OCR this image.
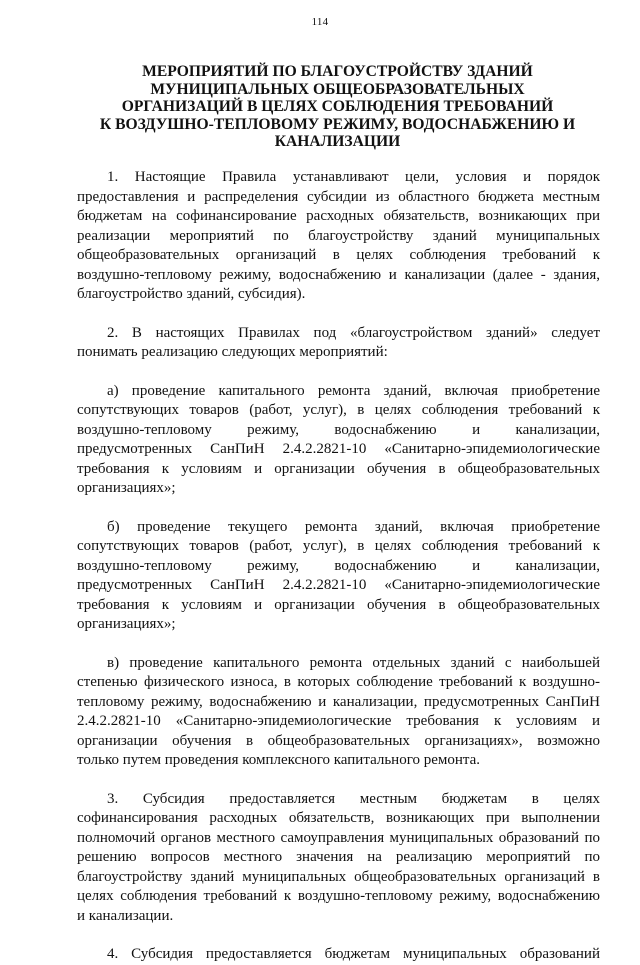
114
МЕРОПРИЯТИЙ ПО БЛАГОУСТРОЙСТВУ ЗДАНИЙ
МУНИЦИПАЛЬНЫХ ОБЩЕОБРАЗОВАТЕЛЬНЫХ
ОРГАНИЗАЦИЙ В ЦЕЛЯХ СОБЛЮДЕНИЯ ТРЕБОВАНИЙ
К ВОЗДУШНО-ТЕПЛОВОМУ РЕЖИМУ, ВОДОСНАБЖЕНИЮ И
КАНАЛИЗАЦИИ
1. Настоящие Правила устанавливают цели, условия и порядок
предоставления и распределения субсидии из областного бюджета местным
бюджетам на софинансирование расходных обязательств, возникающих при
реализации мероприятий по благоустройству зданий муниципальных
общеобразовательных организаций в целях соблюдения требований к
воздушно-тепловому режиму, водоснабжению и канализации (далее - здания,
благоустройство зданий, субсидия).
2. В настоящих Правилах под «благоустройством зданий» следует
понимать реализацию следующих мероприятий:
а) проведение капитального ремонта зданий, включая приобретение
сопутствующих товаров (работ, услуг), в целях соблюдения требований к
воздушно-тепловому режиму, водоснабжению и канализации,
предусмотренных СанПиН 2.4.2.2821-10 «Санитарно-эпидемиологические
требования к условиям и организации обучения в общеобразовательных
организациях»;
б) проведение текущего ремонта зданий, включая приобретение
сопутствующих товаров (работ, услуг), в целях соблюдения требований к
воздушно-тепловому режиму, водоснабжению и канализации,
предусмотренных СанПиН 2.4.2.2821-10 «Санитарно-эпидемиологические
требования к условиям и организации обучения в общеобразовательных
организациях»;
в) проведение капитального ремонта отдельных зданий с наибольшей
степенью физического износа, в которых соблюдение требований к воздушно-
тепловому режиму, водоснабжению и канализации, предусмотренных СанПиН
2.4.2.2821-10 «Санитарно-эпидемиологические требования к условиям и
организации обучения в общеобразовательных организациях», возможно
только путем проведения комплексного капитального ремонта.
3. Субсидия предоставляется местным бюджетам в целях
софинансирования расходных обязательств, возникающих при выполнении
полномочий органов местного самоуправления муниципальных образований по
решению вопросов местного значения на реализацию мероприятий по
благоустройству зданий муниципальных общеобразовательных организаций в
целях соблюдения требований к воздушно-тепловому режиму, водоснабжению
и канализации.
4. Субсидия предоставляется бюджетам муниципальных образований
